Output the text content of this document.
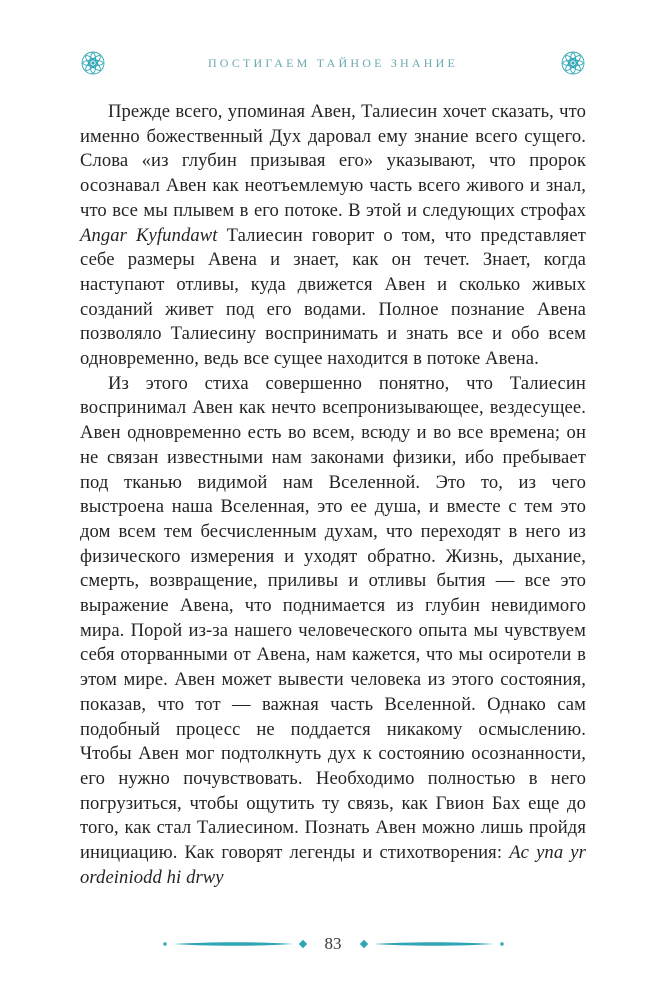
ПОСТИГАЕМ ТАЙНОЕ ЗНАНИЕ

Прежде всего, упоминая Авен, Талиесин хочет сказать, что именно божественный Дух даровал ему знание всего сущего. Слова «из глубин призывая его» указывают, что пророк осознавал Авен как неотъемлемую часть всего живого и знал, что все мы плывем в его потоке. В этой и следующих строфах Angar Kyfundawt Талиесин говорит о том, что представляет себе размеры Авена и знает, как он течет. Знает, когда наступают отливы, куда движется Авен и сколько живых созданий живет под его водами. Полное познание Авена позволяло Талиесину воспринимать и знать все и обо всем одновременно, ведь все сущее находится в потоке Авена.

Из этого стиха совершенно понятно, что Талиесин воспринимал Авен как нечто всепронизывающее, вездесущее. Авен одновременно есть во всем, всюду и во все времена; он не связан известными нам законами физики, ибо пребывает под тканью видимой нам Вселенной. Это то, из чего выстроена наша Вселенная, это ее душа, и вместе с тем это дом всем тем бесчисленным духам, что переходят в него из физического измерения и уходят обратно. Жизнь, дыхание, смерть, возвращение, приливы и отливы бытия — все это выражение Авена, что поднимается из глубин невидимого мира. Порой из-за нашего человеческого опыта мы чувствуем себя оторванными от Авена, нам кажется, что мы осиротели в этом мире. Авен может вывести человека из этого состояния, показав, что тот — важная часть Вселенной. Однако сам подобный процесс не поддается никакому осмыслению. Чтобы Авен мог подтолкнуть дух к состоянию осознанности, его нужно почувствовать. Необходимо полностью в него погрузиться, чтобы ощутить ту связь, как Гвион Бах еще до того, как стал Талиесином. Познать Авен можно лишь пройдя инициацию. Как говорят легенды и стихотворения: Ac yna yr ordeiniodd hi drwy

83
